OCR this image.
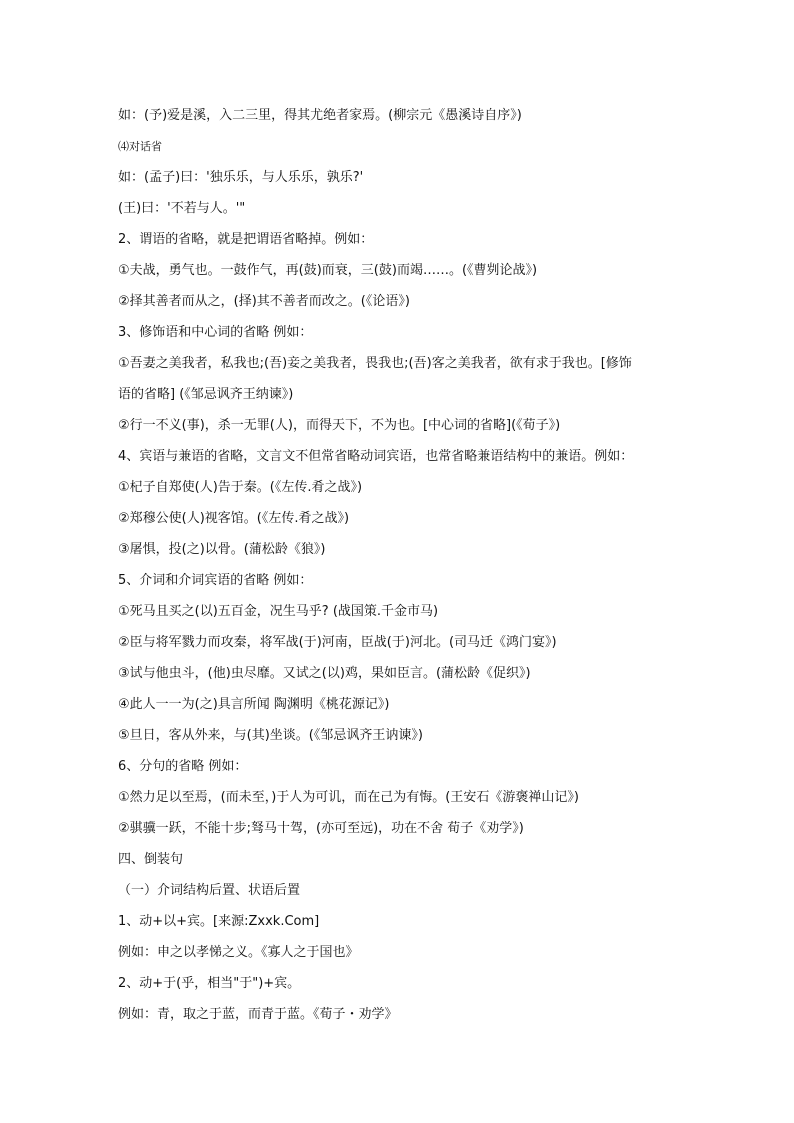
如：(予)爱是溪，入二三里，得其尤绝者家焉。(柳宗元《愚溪诗自序》)
⑷对话省
如：(孟子)曰：'独乐乐，与人乐乐，孰乐?'
(王)曰：'不若与人。'"
2、谓语的省略，就是把谓语省略掉。例如：
①夫战，勇气也。一鼓作气，再(鼓)而衰，三(鼓)而竭……。(《曹刿论战》)
②择其善者而从之，(择)其不善者而改之。(《论语》)
3、修饰语和中心词的省略 例如：
①吾妻之美我者，私我也;(吾)妾之美我者，畏我也;(吾)客之美我者，欲有求于我也。[修饰
语的省略] (《邹忌讽齐王纳谏》)
②行一不义(事)，杀一无罪(人)，而得天下，不为也。[中心词的省略](《荀子》)
4、宾语与兼语的省略，文言文不但常省略动词宾语，也常省略兼语结构中的兼语。例如：
①杞子自郑使(人)告于秦。(《左传.肴之战》)
②郑穆公使(人)视客馆。(《左传.肴之战》)
③屠惧，投(之)以骨。(蒲松龄《狼》)
5、介词和介词宾语的省略 例如：
①死马且买之(以)五百金，况生马乎? (战国策.千金市马)
②臣与将军戮力而攻秦，将军战(于)河南，臣战(于)河北。(司马迁《鸿门宴》)
③试与他虫斗，(他)虫尽靡。又试之(以)鸡，果如臣言。(蒲松龄《促织》)
④此人一一为(之)具言所闻 陶渊明《桃花源记》)
⑤旦日，客从外来，与(其)坐谈。(《邹忌讽齐王讷谏》)
6、分句的省略 例如：
①然力足以至焉，(而未至，)于人为可讥，而在己为有悔。(王安石《游褒禅山记》)
②骐骥一跃，不能十步;驽马十驾，(亦可至远)，功在不舍 荀子《劝学》)
四、倒装句
（一）介词结构后置、状语后置
1、动+以+宾。[来源:Zxxk.Com]
例如：申之以孝悌之义。《寡人之于国也》
2、动+于(乎，相当"于")+宾。
例如：青，取之于蓝，而青于蓝。《荀子・劝学》
